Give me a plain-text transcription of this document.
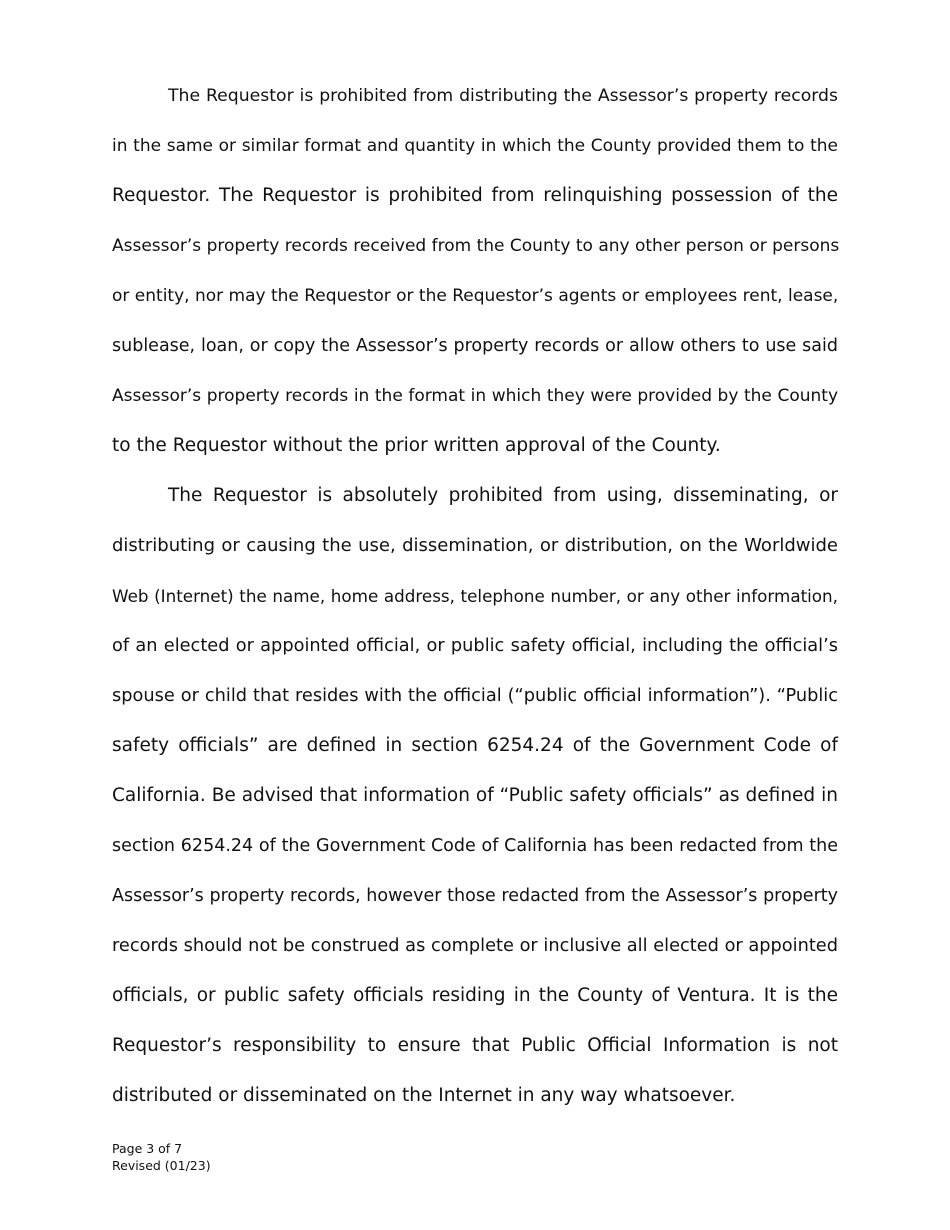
The Requestor is prohibited from distributing the Assessor’s property records
in the same or similar format and quantity in which the County provided them to the
Requestor. The Requestor is prohibited from relinquishing possession of the
Assessor’s property records received from the County to any other person or persons
or entity, nor may the Requestor or the Requestor’s agents or employees rent, lease,
sublease, loan, or copy the Assessor’s property records or allow others to use said
Assessor’s property records in the format in which they were provided by the County
to the Requestor without the prior written approval of the County.
The Requestor is absolutely prohibited from using, disseminating, or
distributing or causing the use, dissemination, or distribution, on the Worldwide
Web (Internet) the name, home address, telephone number, or any other information,
of an elected or appointed official, or public safety official, including the official’s
spouse or child that resides with the official (“public official information”). “Public
safety officials” are defined in section 6254.24 of the Government Code of
California. Be advised that information of “Public safety officials” as defined in
section 6254.24 of the Government Code of California has been redacted from the
Assessor’s property records, however those redacted from the Assessor’s property
records should not be construed as complete or inclusive all elected or appointed
officials, or public safety officials residing in the County of Ventura. It is the
Requestor’s responsibility to ensure that Public Official Information is not
distributed or disseminated on the Internet in any way whatsoever.
Page 3 of 7
Revised (01/23)
